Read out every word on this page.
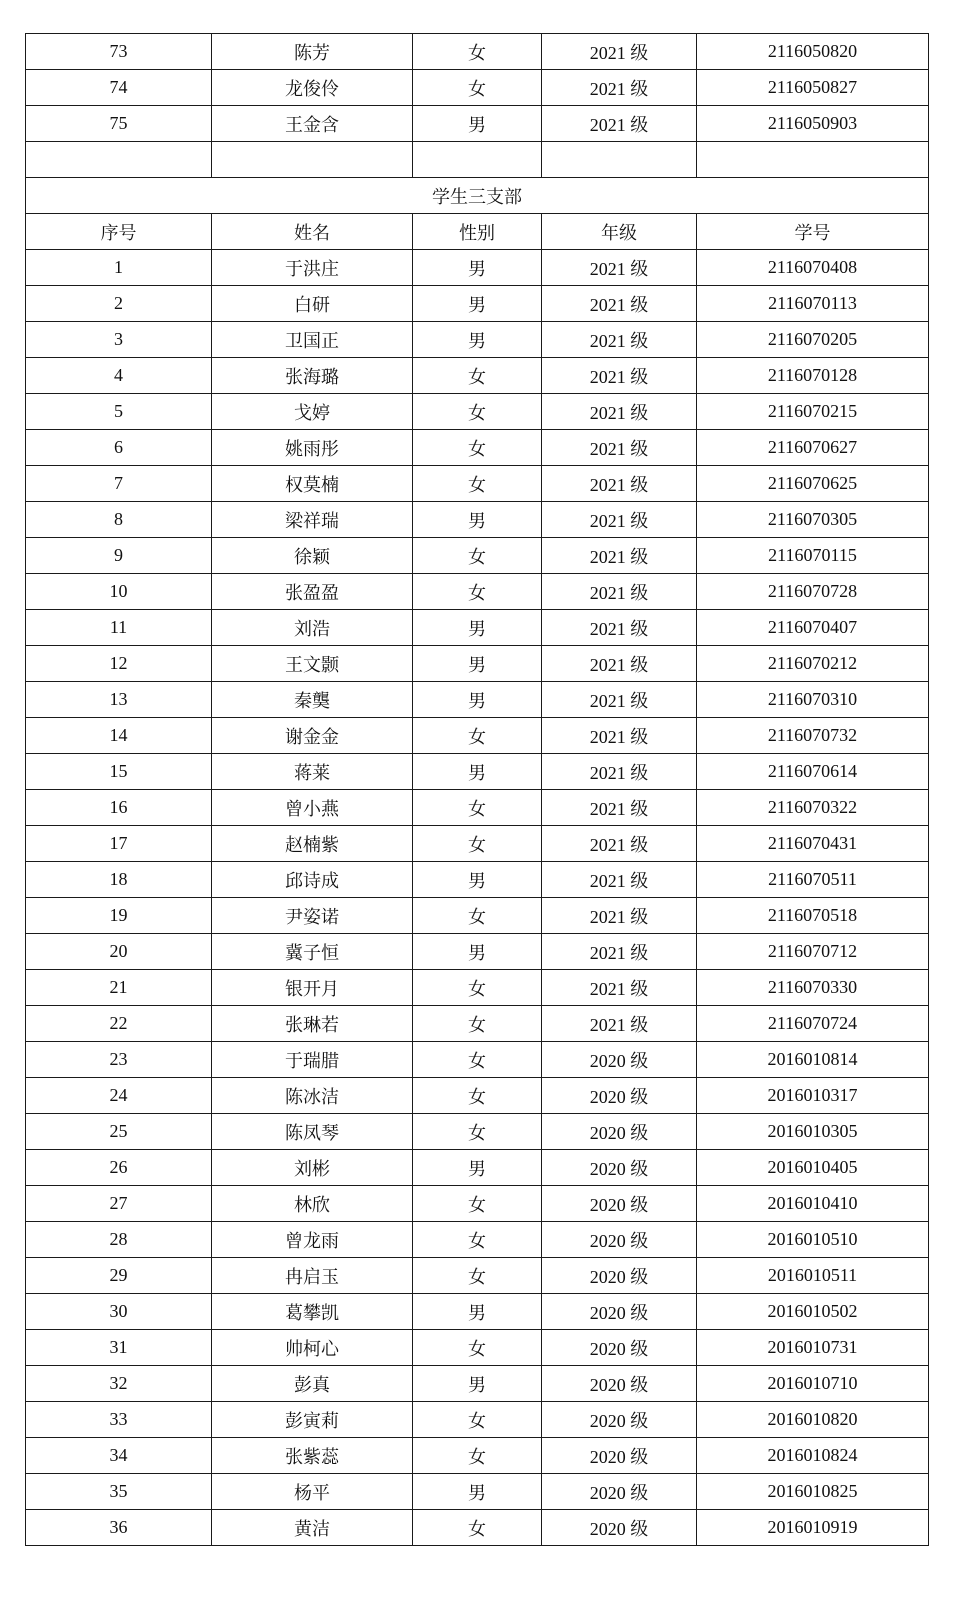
73	陈芳	女	2021 级	2116050820
74	龙俊伶	女	2021 级	2116050827
75	王金含	男	2021 级	2116050903

学生三支部				
序号	姓名	性别	年级	学号
1	于洪庄	男	2021 级	2116070408
2	白研	男	2021 级	2116070113
3	卫国正	男	2021 级	2116070205
4	张海璐	女	2021 级	2116070128
5	戈婷	女	2021 级	2116070215
6	姚雨彤	女	2021 级	2116070627
7	权莫楠	女	2021 级	2116070625
8	梁祥瑞	男	2021 级	2116070305
9	徐颖	女	2021 级	2116070115
10	张盈盈	女	2021 级	2116070728
11	刘浩	男	2021 级	2116070407
12	王文颢	男	2021 级	2116070212
13	秦龑	男	2021 级	2116070310
14	谢金金	女	2021 级	2116070732
15	蒋莱	男	2021 级	2116070614
16	曾小燕	女	2021 级	2116070322
17	赵楠紫	女	2021 级	2116070431
18	邱诗成	男	2021 级	2116070511
19	尹姿诺	女	2021 级	2116070518
20	冀子恒	男	2021 级	2116070712
21	银开月	女	2021 级	2116070330
22	张琳若	女	2021 级	2116070724
23	于瑞腊	女	2020 级	2016010814
24	陈冰洁	女	2020 级	2016010317
25	陈凤琴	女	2020 级	2016010305
26	刘彬	男	2020 级	2016010405
27	林欣	女	2020 级	2016010410
28	曾龙雨	女	2020 级	2016010510
29	冉启玉	女	2020 级	2016010511
30	葛攀凯	男	2020 级	2016010502
31	帅柯心	女	2020 级	2016010731
32	彭真	男	2020 级	2016010710
33	彭寅莉	女	2020 级	2016010820
34	张紫蕊	女	2020 级	2016010824
35	杨平	男	2020 级	2016010825
36	黄洁	女	2020 级	2016010919
